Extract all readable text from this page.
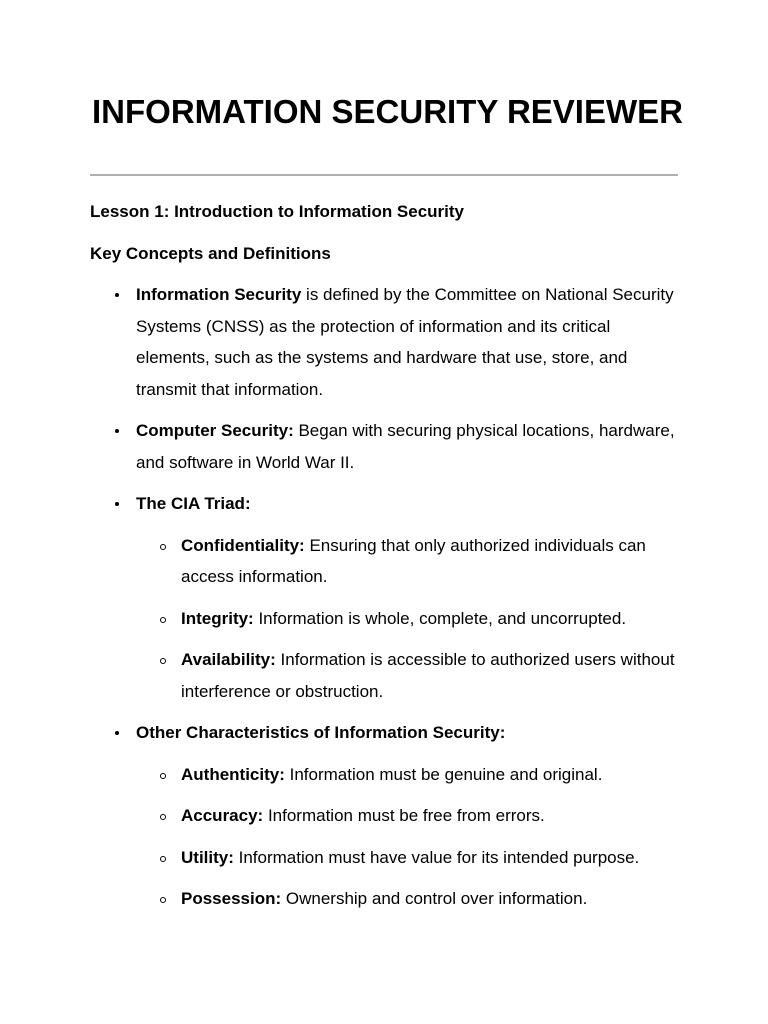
INFORMATION SECURITY REVIEWER

Lesson 1: Introduction to Information Security

Key Concepts and Definitions

Information Security is defined by the Committee on National Security Systems (CNSS) as the protection of information and its critical elements, such as the systems and hardware that use, store, and transmit that information.
Computer Security: Began with securing physical locations, hardware, and software in World War II.
The CIA Triad:
Confidentiality: Ensuring that only authorized individuals can access information.
Integrity: Information is whole, complete, and uncorrupted.
Availability: Information is accessible to authorized users without interference or obstruction.
Other Characteristics of Information Security:
Authenticity: Information must be genuine and original.
Accuracy: Information must be free from errors.
Utility: Information must have value for its intended purpose.
Possession: Ownership and control over information.
